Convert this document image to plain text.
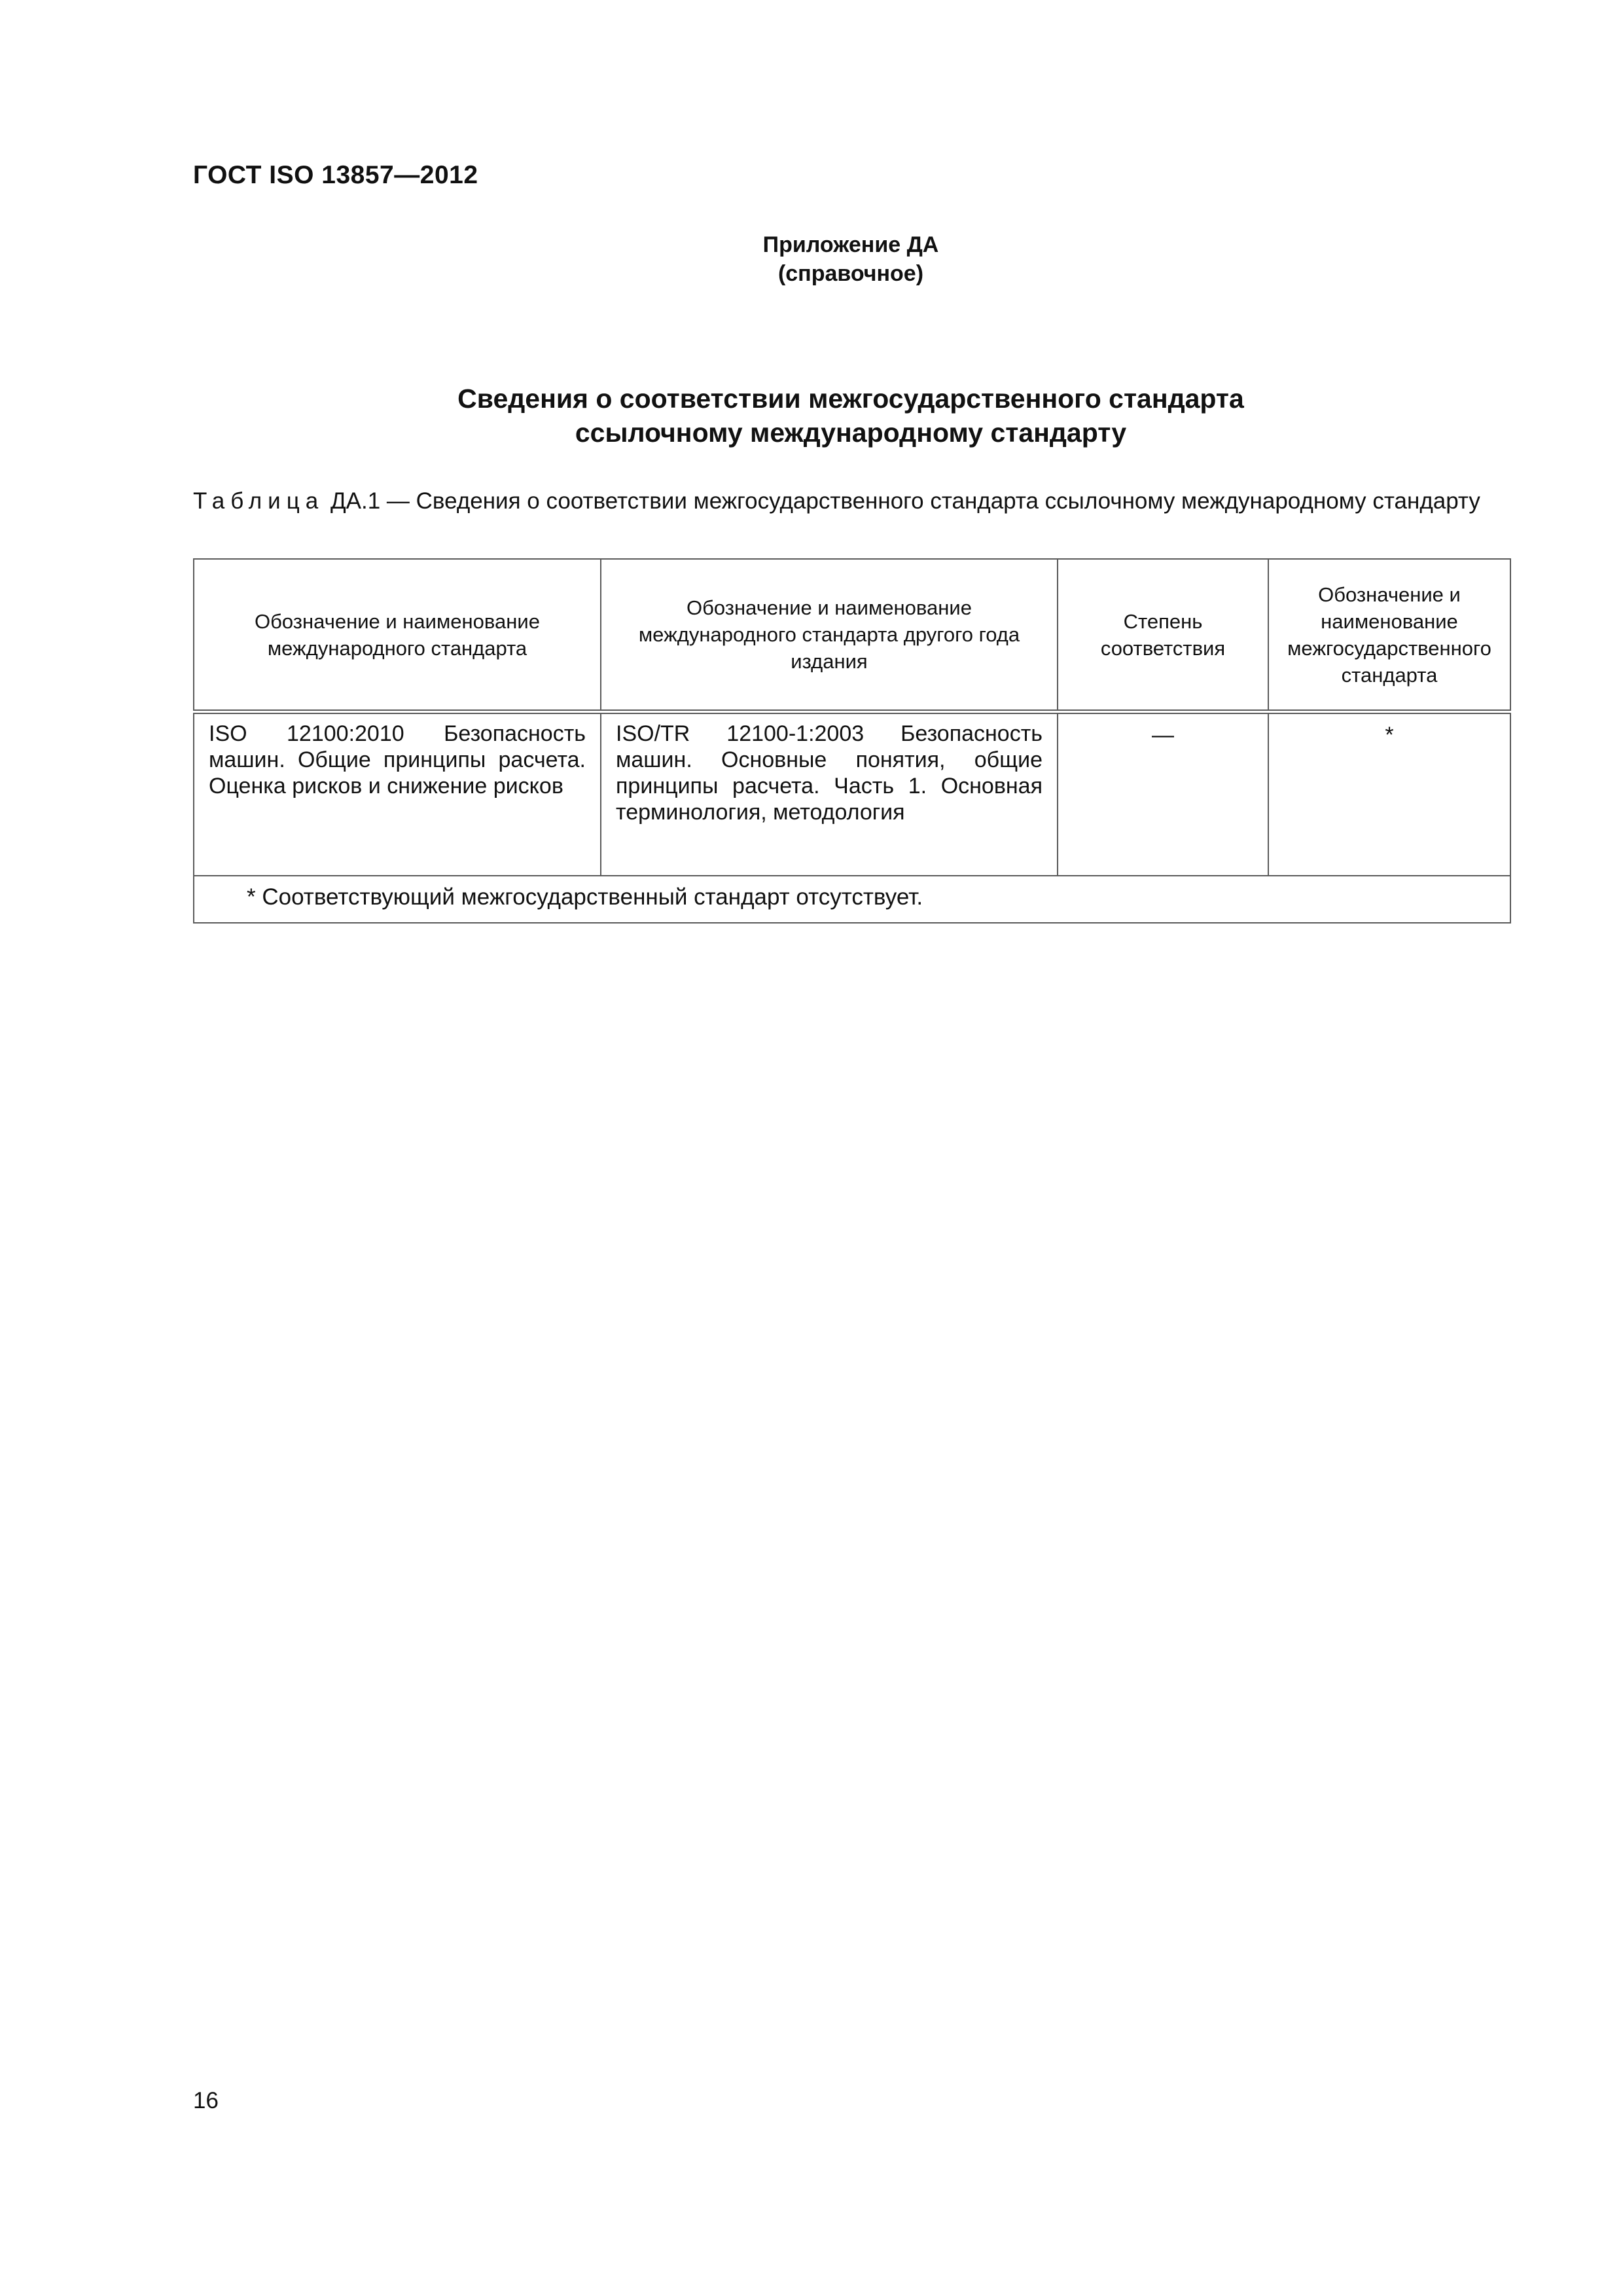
ГОСТ ISO 13857—2012
Приложение ДА
(справочное)
Сведения о соответствии межгосударственного стандарта
ссылочному международному стандарту
Таблица ДА.1 — Сведения о соответствии межгосударственного стандарта ссылочному международному стандарту
Обозначение и наименование международного стандарта	Обозначение и наименование международного стандарта другого года издания	Степень соответствия	Обозначение и наименование межгосударственного стандарта
ISO 12100:2010 Безопасность машин. Общие принципы расчета. Оценка рисков и снижение рисков	ISO/TR 12100-1:2003 Безопасность машин. Основные понятия, общие принципы расчета. Часть 1. Основная терминология, методология	—	*
* Соответствующий межгосударственный стандарт отсутствует.			
16
